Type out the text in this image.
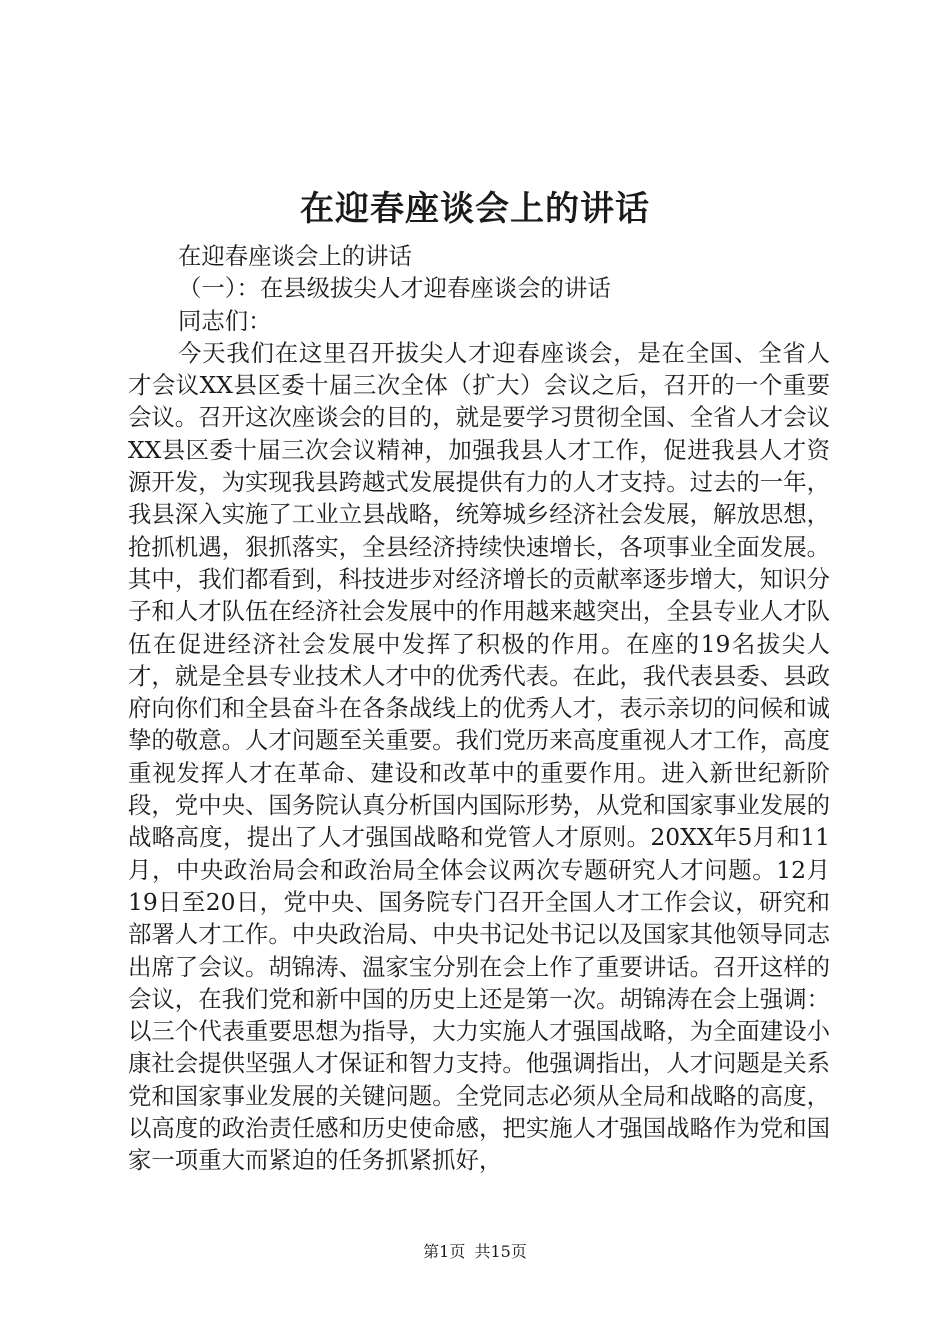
在迎春座谈会上的讲话
在迎春座谈会上的讲话
（一）：在县级拔尖人才迎春座谈会的讲话
同志们：
今天我们在这里召开拔尖人才迎春座谈会，是在全国、全省人才会议XX县区委十届三次全体（扩大）会议之后，召开的一个重要会议。召开这次座谈会的目的，就是要学习贯彻全国、全省人才会议XX县区委十届三次会议精神，加强我县人才工作，促进我县人才资源开发，为实现我县跨越式发展提供有力的人才支持。过去的一年，我县深入实施了工业立县战略，统筹城乡经济社会发展，解放思想，抢抓机遇，狠抓落实，全县经济持续快速增长，各项事业全面发展。其中，我们都看到，科技进步对经济增长的贡献率逐步增大，知识分子和人才队伍在经济社会发展中的作用越来越突出，全县专业人才队伍在促进经济社会发展中发挥了积极的作用。在座的19名拔尖人才，就是全县专业技术人才中的优秀代表。在此，我代表县委、县政府向你们和全县奋斗在各条战线上的优秀人才，表示亲切的问候和诚挚的敬意。人才问题至关重要。我们党历来高度重视人才工作，高度重视发挥人才在革命、建设和改革中的重要作用。进入新世纪新阶段，党中央、国务院认真分析国内国际形势，从党和国家事业发展的战略高度，提出了人才强国战略和党管人才原则。20XX年5月和11月，中央政治局会和政治局全体会议两次专题研究人才问题。12月19日至20日，党中央、国务院专门召开全国人才工作会议，研究和部署人才工作。中央政治局、中央书记处书记以及国家其他领导同志出席了会议。胡锦涛、温家宝分别在会上作了重要讲话。召开这样的会议，在我们党和新中国的历史上还是第一次。胡锦涛在会上强调：以三个代表重要思想为指导，大力实施人才强国战略，为全面建设小康社会提供坚强人才保证和智力支持。他强调指出，人才问题是关系党和国家事业发展的关键问题。全党同志必须从全局和战略的高度，以高度的政治责任感和历史使命感，把实施人才强国战略作为党和国家一项重大而紧迫的任务抓紧抓好，
第1页 共15页
